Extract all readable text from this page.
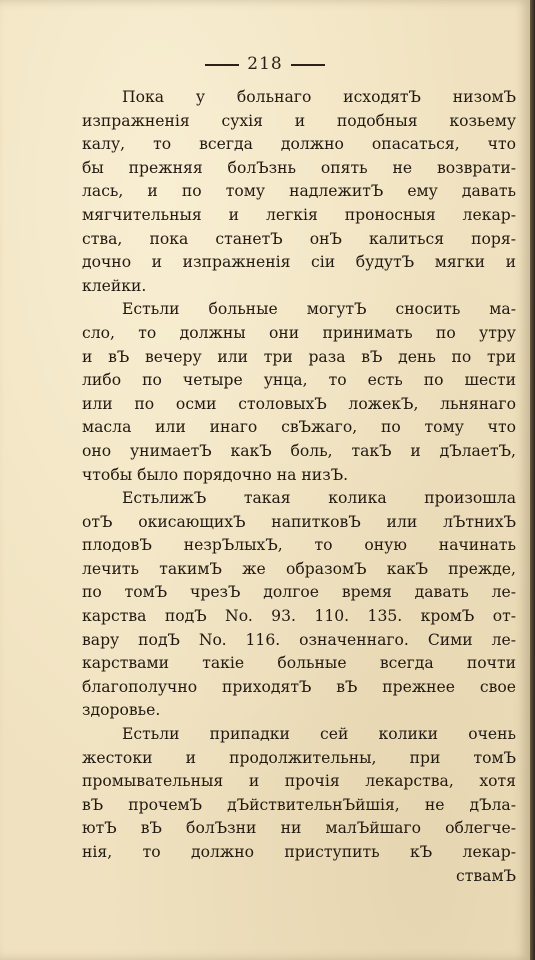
218

Пока у больнаго исходятЪ низомЪ
изпражненія сухія и подобныя козьему
калу, то всегда должно опасаться, что
бы прежняя болЪзнь опять не возврати-
лась, и по тому надлежитЪ ему давать
мягчительныя и легкія проносныя лекар-
ства, пока станетЪ онЪ калиться поря-
дочно и изпражненія сіи будутЪ мягки и
клейки.

Естьли больные могутЪ сносить ма-
сло, то должны они принимать по утру
и вЪ вечеру или три раза вЪ день по три
либо по четыре унца, то есть по шести
или по осми столовыхЪ ложекЪ, льнянаго
масла или инаго свЪжаго, по тому что
оно унимаетЪ какЪ боль, такЪ и дЪлаетЪ,
чтобы было порядочно на низЪ.

ЕстьлижЪ такая колика произошла
отЪ окисающихЪ напитковЪ или лЪтнихЪ
плодовЪ незрЪлыхЪ, то оную начинать
лечить такимЪ же образомЪ какЪ прежде,
по томЪ чрезЪ долгое время давать ле-
карства подЪ No. 93. 110. 135. кромЪ от-
вару подЪ No. 116. означеннаго. Сими ле-
карствами такіе больные всегда почти
благополучно приходятЪ вЪ прежнее свое
здоровье.

Естьли припадки сей колики очень
жестоки и продолжительны, при томЪ
промывательныя и прочія лекарства, хотя
вЪ прочемЪ дЪйствительнЪйшія, не дЪла-
ютЪ вЪ болЪзни ни малЪйшаго облегче-
нія, то должно приступить кЪ лекар-
ствамЪ
